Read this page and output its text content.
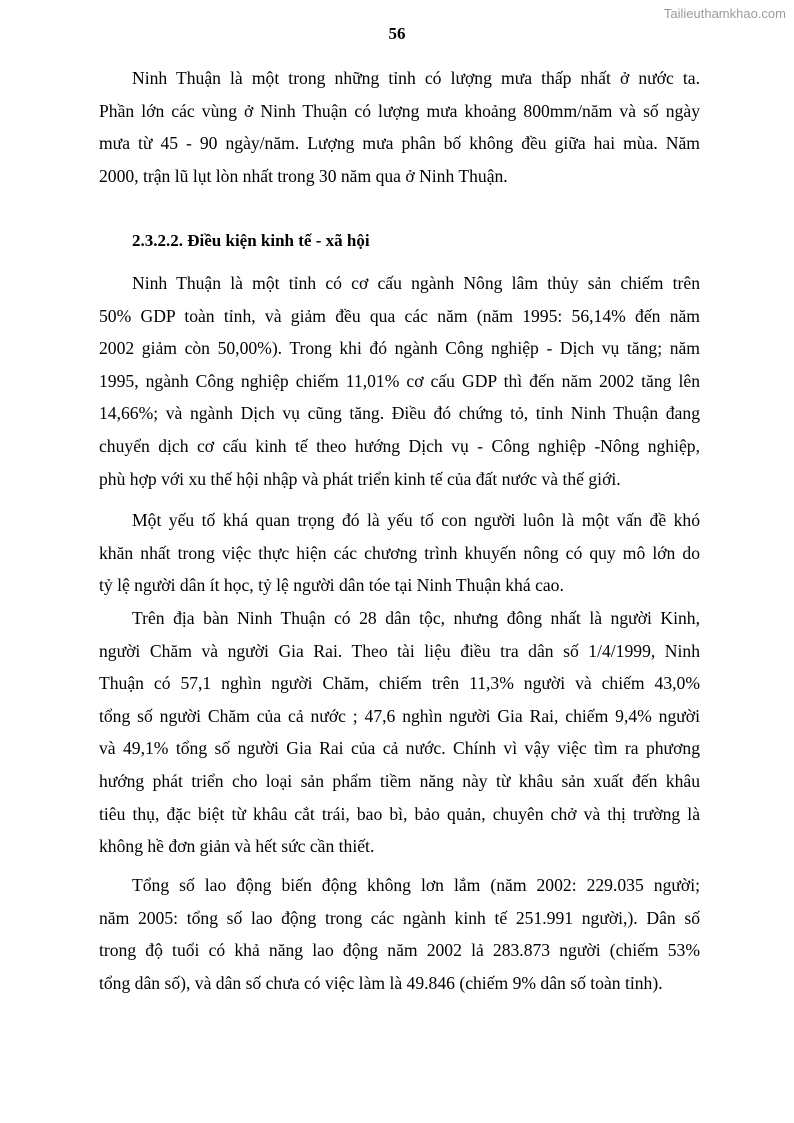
Tailieuthamkhao.com
56
2.3.2.2. Điều kiện kinh tế - xã hội
Ninh Thuận là một trong những tỉnh có lượng mưa thấp nhất ở nước ta.
Phần lớn các vùng ở Ninh Thuận có lượng mưa khoảng 800mm/năm và số ngày
mưa từ 45 - 90 ngày/năm. Lượng mưa phân bố không đều giữa hai mùa. Năm
2000, trận lũ lụt lòn nhất trong 30 năm qua ở Ninh Thuận.
Ninh Thuận là một tỉnh có cơ cấu ngành Nông lâm thủy sản chiếm trên
50% GDP toàn tỉnh, và giảm đều qua các năm (năm 1995: 56,14% đến năm
2002 giảm còn 50,00%). Trong khi đó ngành Công nghiệp - Dịch vụ tăng; năm
1995, ngành Công nghiệp chiếm 11,01% cơ cấu GDP thì đến năm 2002 tăng lên
14,66%; và ngành Dịch vụ cũng tăng. Điều đó chứng tỏ, tỉnh Ninh Thuận đang
chuyển dịch cơ cấu kinh tế theo hướng Dịch vụ - Công nghiệp -Nông nghiệp,
phù hợp với xu thế hội nhập và phát triển kinh tế của đất nước và thế giới.
Một yếu tố khá quan trọng đó là yếu tố con người luôn là một vấn đề khó
khăn nhất trong việc thực hiện các chương trình khuyến nông có quy mô lớn do
tỷ lệ người dân ít học, tỷ lệ người dân tóe tại Ninh Thuận khá cao.
Trên địa bàn Ninh Thuận có 28 dân tộc, nhưng đông nhất là người Kinh,
người Chăm và người Gia Rai. Theo tài liệu điều tra dân số 1/4/1999, Ninh
Thuận có 57,1 nghìn người Chăm, chiếm trên 11,3% người và chiếm 43,0%
tổng số người Chăm của cả nước ; 47,6 nghìn người Gia Rai, chiếm 9,4% người
và 49,1% tổng số người Gia Rai của cả nước. Chính vì vậy việc tìm ra phương
hướng phát triển cho loại sản phẩm tiềm năng này từ khâu sản xuất đến khâu
tiêu thụ, đặc biệt từ khâu cắt trái, bao bì, bảo quản, chuyên chở và thị trường là
không hề đơn giản và hết sức cần thiết.
Tổng số lao động biến động không lơn lắm (năm 2002: 229.035 người;
năm 2005: tổng số lao động trong các ngành kinh tế 251.991 người,). Dân số
trong độ tuổi có khả năng lao động năm 2002 lả 283.873 người (chiếm 53%
tổng dân số), và dân số chưa có việc làm là 49.846 (chiếm 9% dân số toàn tỉnh).
